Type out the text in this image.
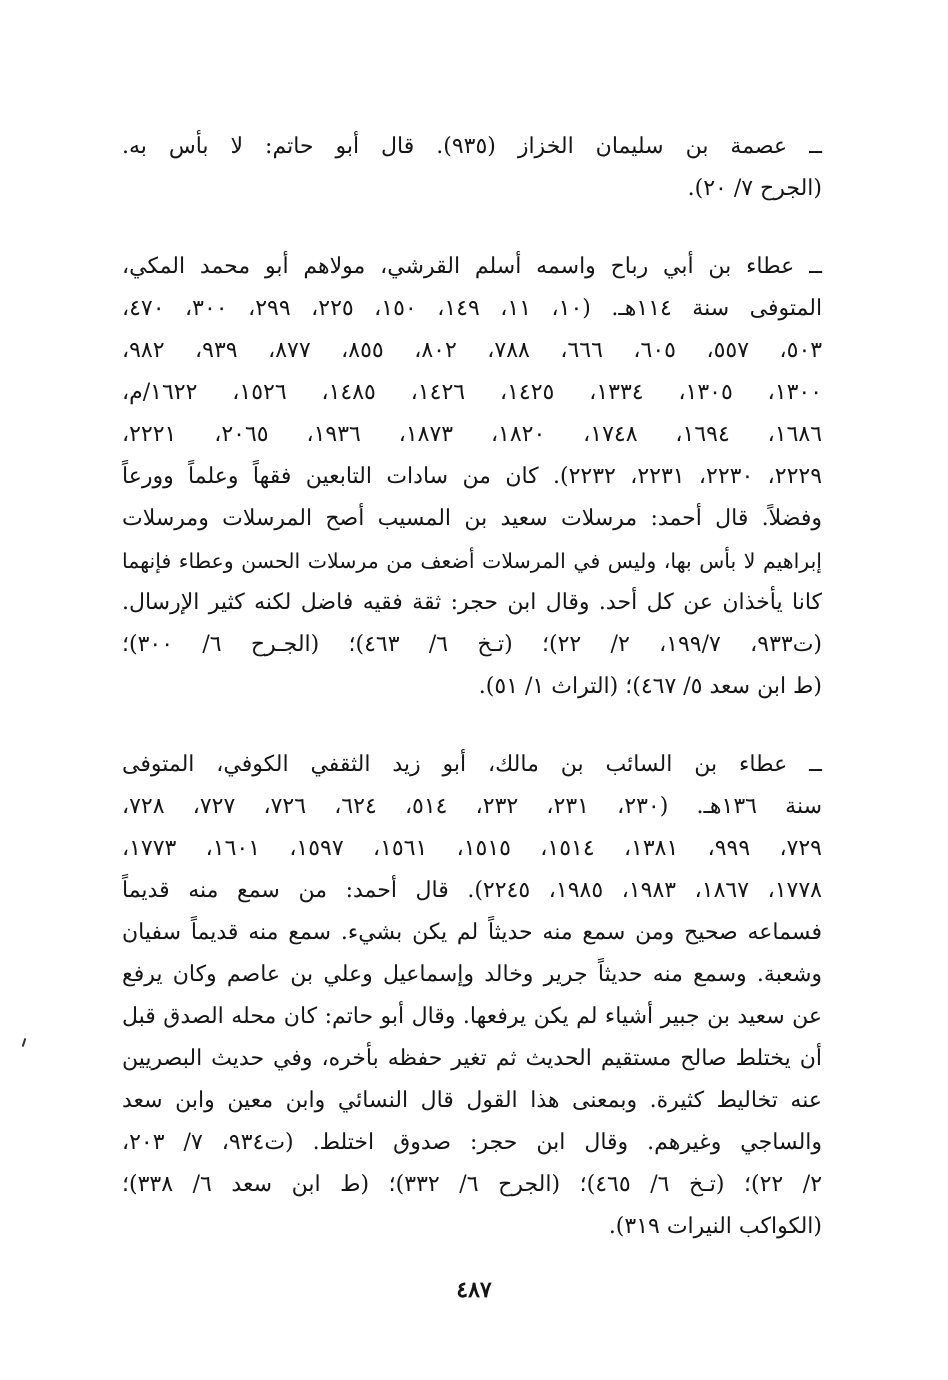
ــ عصمة بن سليمان الخزاز (٩٣٥). قال أبو حاتم: لا بأس به.
(الجرح ٧/ ٢٠).
ــ عطاء بن أبي رباح واسمه أسلم القرشي، مولاهم أبو محمد المكي،
المتوفى سنة ١١٤هـ. (١٠، ١١، ١٤٩، ١٥٠، ٢٢٥، ٢٩٩، ٣٠٠، ٤٧٠،
٥٠٣، ٥٥٧، ٦٠٥، ٦٦٦، ٧٨٨، ٨٠٢، ٨٥٥، ٨٧٧، ٩٣٩، ٩٨٢،
١٣٠٠، ١٣٠٥، ١٣٣٤، ١٤٢٥، ١٤٢٦، ١٤٨٥، ١٥٢٦، ١٦٢٢/م،
١٦٨٦، ١٦٩٤، ١٧٤٨، ١٨٢٠، ١٨٧٣، ١٩٣٦، ٢٠٦٥، ٢٢٢١،
٢٢٢٩، ٢٢٣٠، ٢٢٣١، ٢٢٣٢). كان من سادات التابعين فقهاً وعلماً وورعاً
وفضلاً. قال أحمد: مرسلات سعيد بن المسيب أصح المرسلات ومرسلات
إبراهيم لا بأس بها، وليس في المرسلات أضعف من مرسلات الحسن وعطاء فإنهما
كانا يأخذان عن كل أحد. وقال ابن حجر: ثقة فقيه فاضل لكنه كثير الإرسال.
(ت٩٣٣، ١٩٩/٧، ٢/ ٢٢)؛ (تـخ ٦/ ٤٦٣)؛ (الجـرح ٦/ ٣٠٠)؛
(ط ابن سعد ٥/ ٤٦٧)؛ (التراث ١/ ٥١).
ــ عطاء بن السائب بن مالك، أبو زيد الثقفي الكوفي، المتوفى
سنة ١٣٦هـ. (٢٣٠، ٢٣١، ٢٣٢، ٥١٤، ٦٢٤، ٧٢٦، ٧٢٧، ٧٢٨،
٧٢٩، ٩٩٩، ١٣٨١، ١٥١٤، ١٥١٥، ١٥٦١، ١٥٩٧، ١٦٠١، ١٧٧٣،
١٧٧٨، ١٨٦٧، ١٩٨٣، ١٩٨٥، ٢٢٤٥). قال أحمد: من سمع منه قديماً
فسماعه صحيح ومن سمع منه حديثاً لم يكن بشيء. سمع منه قديماً سفيان
وشعبة. وسمع منه حديثاً جرير وخالد وإسماعيل وعلي بن عاصم وكان يرفع
عن سعيد بن جبير أشياء لم يكن يرفعها. وقال أبو حاتم: كان محله الصدق قبل
أن يختلط صالح مستقيم الحديث ثم تغير حفظه بأخره، وفي حديث البصريين
عنه تخاليط كثيرة. وبمعنى هذا القول قال النسائي وابن معين وابن سعد
والساجي وغيرهم. وقال ابن حجر: صدوق اختلط. (ت٩٣٤، ٧/ ٢٠٣،
٢/ ٢٢)؛ (تـخ ٦/ ٤٦٥)؛ (الجرح ٦/ ٣٣٢)؛ (ط ابن سعد ٦/ ٣٣٨)؛
(الكواكب النيرات ٣١٩).
٤٨٧
